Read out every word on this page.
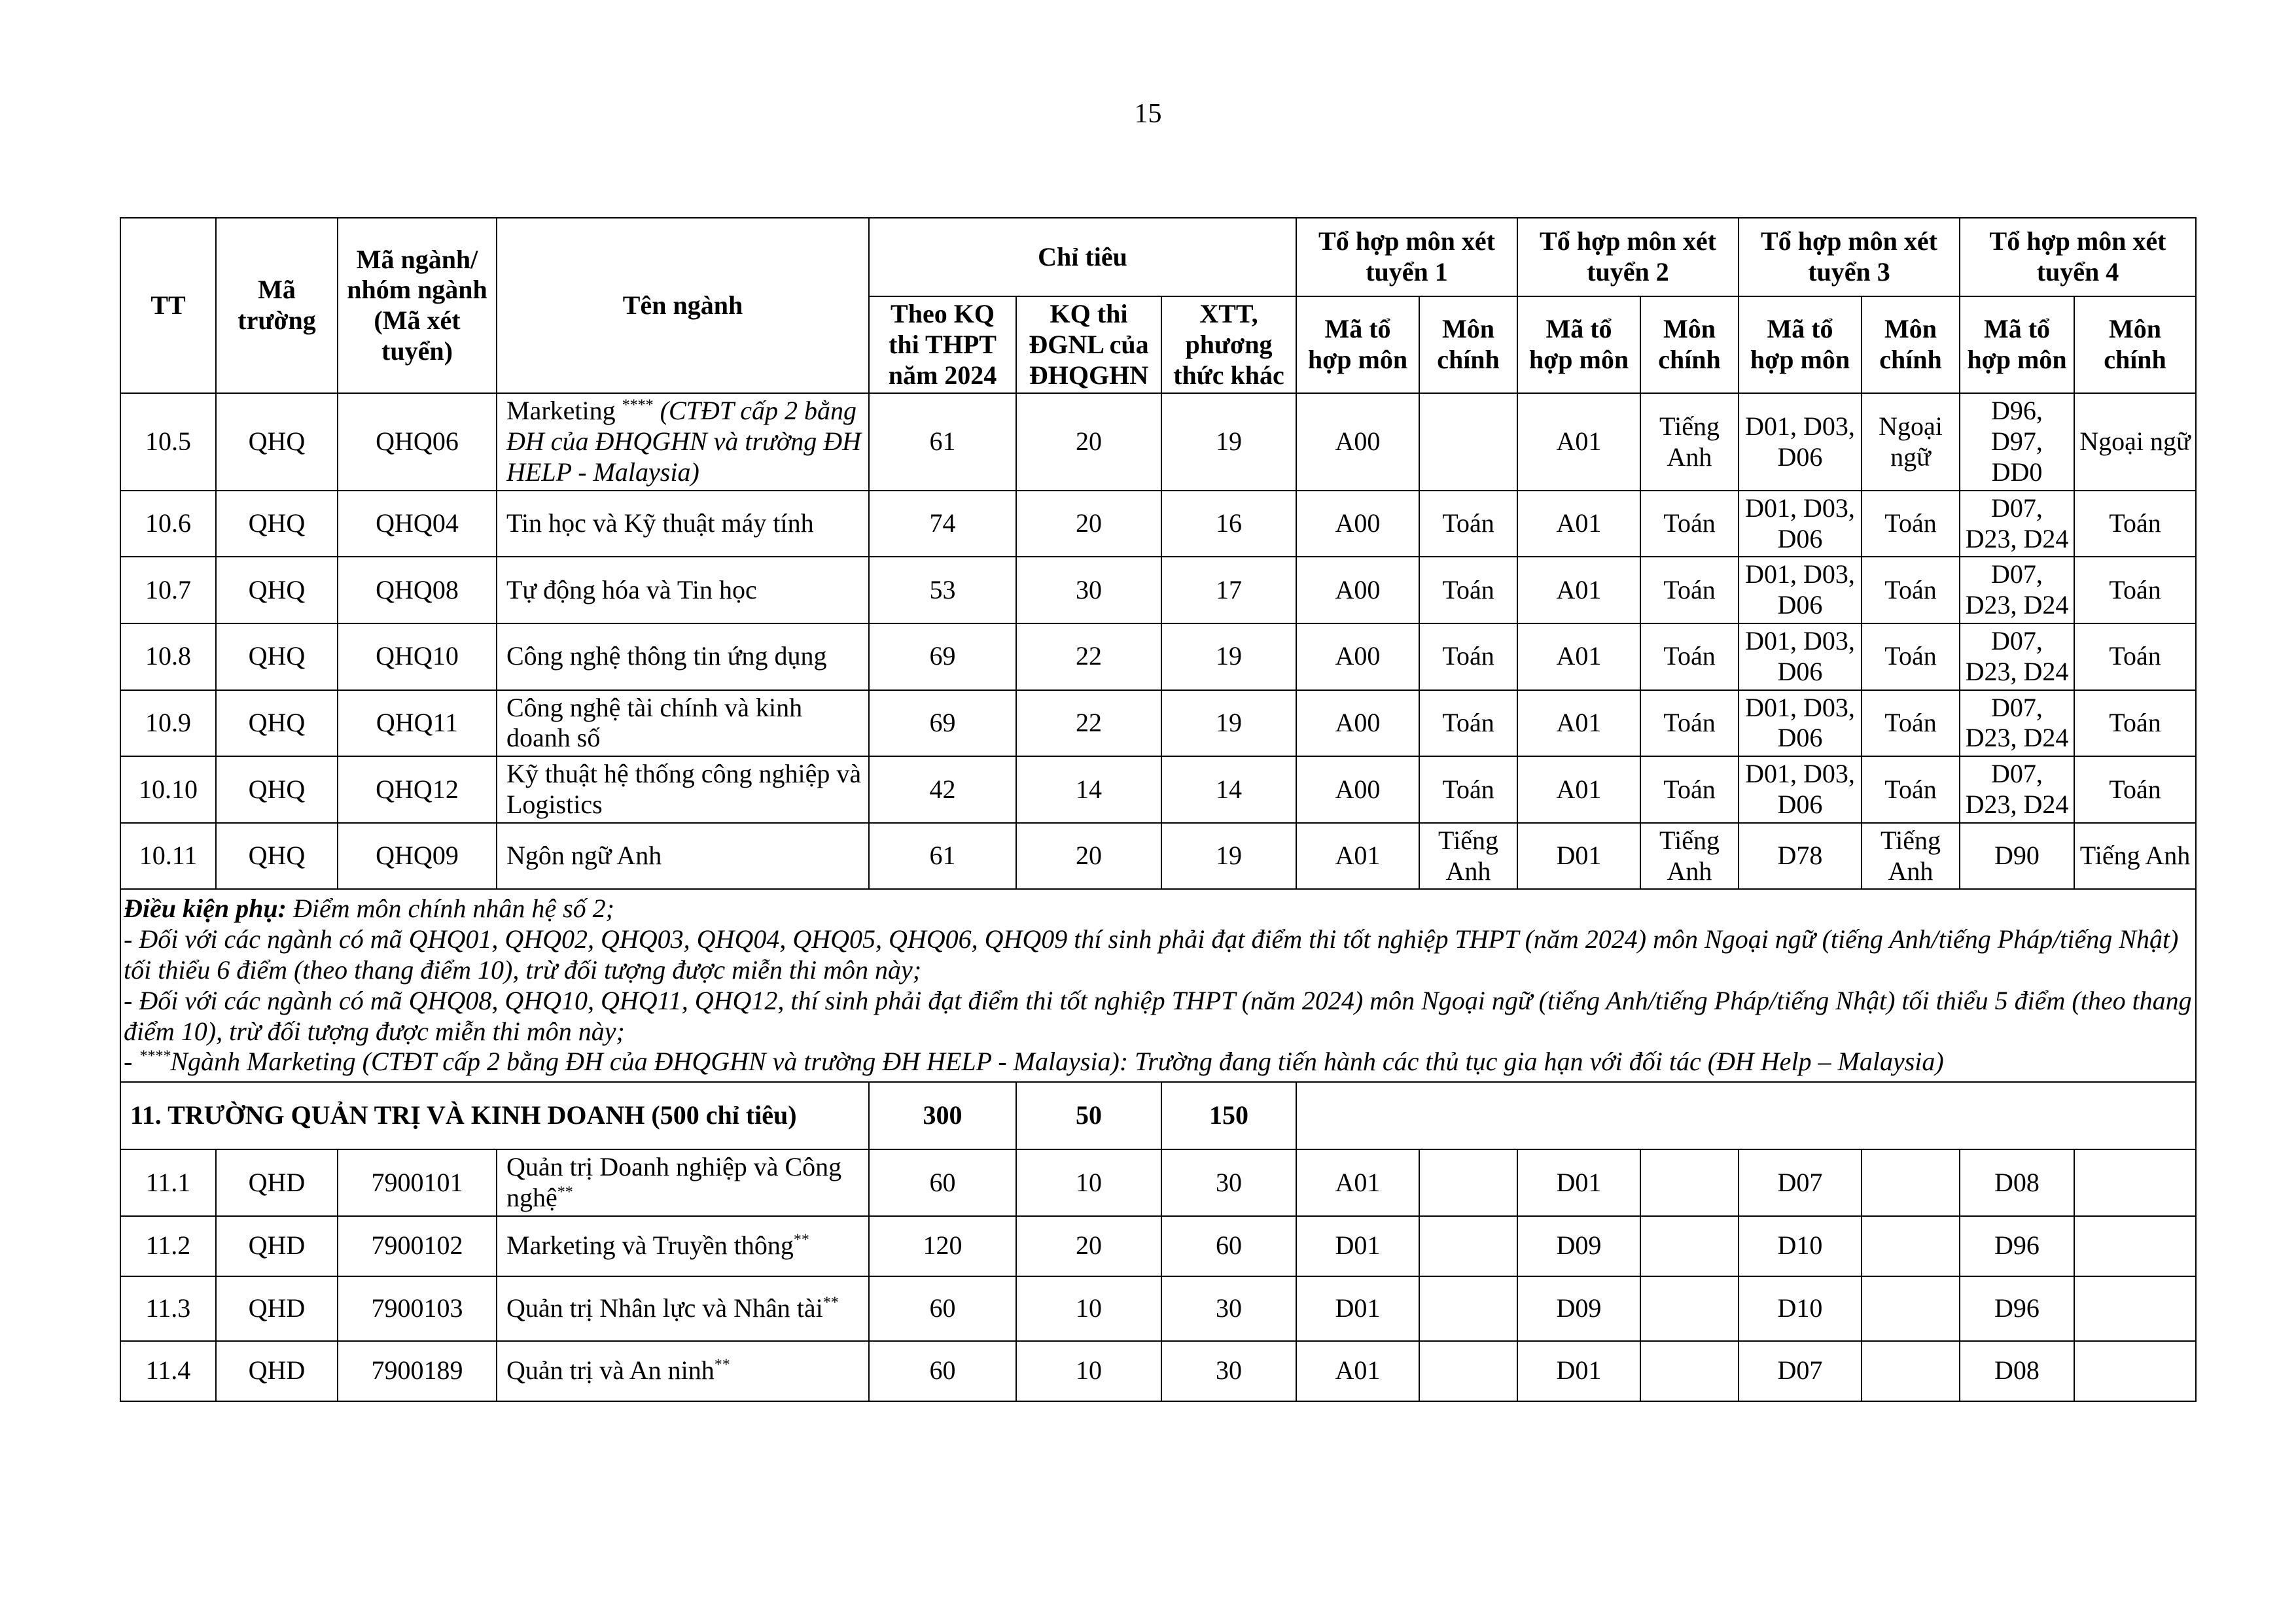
15
TT	Mã trường	Mã ngành/ nhóm ngành (Mã xét tuyển)	Tên ngành	Chỉ tiêu			Tổ hợp môn xét tuyển 1		Tổ hợp môn xét tuyển 2		Tổ hợp môn xét tuyển 3		Tổ hợp môn xét tuyển 4	
				Theo KQ thi THPT năm 2024	KQ thi ĐGNL của ĐHQGHN	XTT, phương thức khác	Mã tổ hợp môn	Môn chính	Mã tổ hợp môn	Môn chính	Mã tổ hợp môn	Môn chính	Mã tổ hợp môn	Môn chính
10.5	QHQ	QHQ06	Marketing **** (CTĐT cấp 2 bằng ĐH của ĐHQGHN và trường ĐH HELP - Malaysia)	61	20	19	A00		A01	Tiếng Anh	D01, D03, D06	Ngoại ngữ	D96, D97, DD0	Ngoại ngữ
10.6	QHQ	QHQ04	Tin học và Kỹ thuật máy tính	74	20	16	A00	Toán	A01	Toán	D01, D03, D06	Toán	D07, D23, D24	Toán
10.7	QHQ	QHQ08	Tự động hóa và Tin học	53	30	17	A00	Toán	A01	Toán	D01, D03, D06	Toán	D07, D23, D24	Toán
10.8	QHQ	QHQ10	Công nghệ thông tin ứng dụng	69	22	19	A00	Toán	A01	Toán	D01, D03, D06	Toán	D07, D23, D24	Toán
10.9	QHQ	QHQ11	Công nghệ tài chính và kinh doanh số	69	22	19	A00	Toán	A01	Toán	D01, D03, D06	Toán	D07, D23, D24	Toán
10.10	QHQ	QHQ12	Kỹ thuật hệ thống công nghiệp và Logistics	42	14	14	A00	Toán	A01	Toán	D01, D03, D06	Toán	D07, D23, D24	Toán
10.11	QHQ	QHQ09	Ngôn ngữ Anh	61	20	19	A01	Tiếng Anh	D01	Tiếng Anh	D78	Tiếng Anh	D90	Tiếng Anh

Điều kiện phụ: Điểm môn chính nhân hệ số 2;
- Đối với các ngành có mã QHQ01, QHQ02, QHQ03, QHQ04, QHQ05, QHQ06, QHQ09 thí sinh phải đạt điểm thi tốt nghiệp THPT (năm 2024) môn Ngoại ngữ (tiếng Anh/tiếng Pháp/tiếng Nhật) tối thiểu 6 điểm (theo thang điểm 10), trừ đối tượng được miễn thi môn này;
- Đối với các ngành có mã QHQ08, QHQ10, QHQ11, QHQ12, thí sinh phải đạt điểm thi tốt nghiệp THPT (năm 2024) môn Ngoại ngữ (tiếng Anh/tiếng Pháp/tiếng Nhật) tối thiểu 5 điểm (theo thang điểm 10), trừ đối tượng được miễn thi môn này;
- ****Ngành Marketing (CTĐT cấp 2 bằng ĐH của ĐHQGHN và trường ĐH HELP - Malaysia): Trường đang tiến hành các thủ tục gia hạn với đối tác (ĐH Help – Malaysia)														

11. TRƯỜNG QUẢN TRỊ VÀ KINH DOANH (500 chỉ tiêu)				300	50	150								
11.1	QHD	7900101	Quản trị Doanh nghiệp và Công nghệ**	60	10	30	A01		D01		D07		D08	
11.2	QHD	7900102	Marketing và Truyền thông**	120	20	60	D01		D09		D10		D96	
11.3	QHD	7900103	Quản trị Nhân lực và Nhân tài**	60	10	30	D01		D09		D10		D96	
11.4	QHD	7900189	Quản trị và An ninh**	60	10	30	A01		D01		D07		D08	
